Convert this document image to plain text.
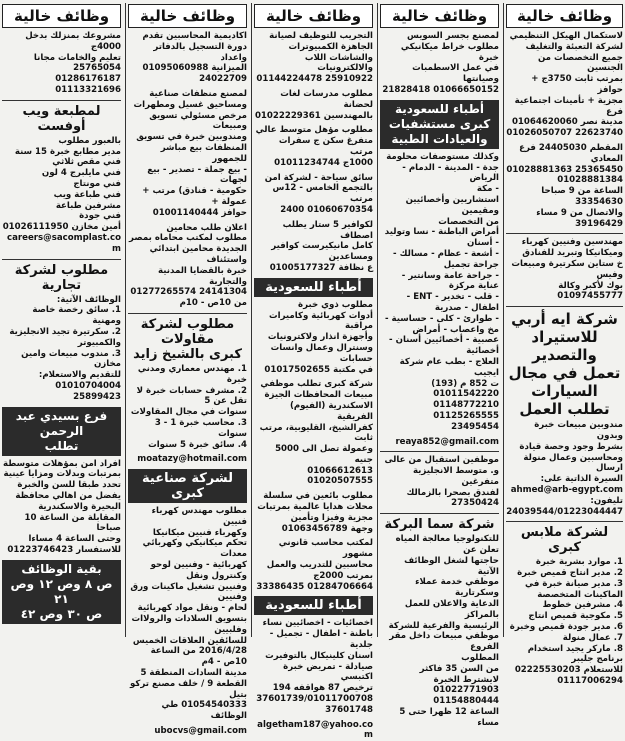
وظائف خالية
لاستكمال الهيكل التنظيمي
لشركة التعبئة والتغليف
جميع التخصصات من الجنسين
بمرتب ثابت 3750ج + حوافز
مجزية + تأمينات اجتماعية فرع
مدينة نصر 01064620060
22623740 01026050707
المقطم 24405030 فرع المعادي
25365450 01028881363 01028881384
الساعة من 9 صباحا 33354630
والاتصال من 9 مساء 39196429
مهندسين وفنيين كهرباء
وميكانيكا وتبريد للفنادق
خ ستاين سكرتيرة ومبيعات وفيس
بوك لأكبر وكالة 01097455777
شركة ايه أربي
للاستيراد والتصدير
تعمل في مجال السيارات
تطلب العمل
مندوبين مبيعات خبرة وبدون
بشرط وجود وحصة قيادة
ومحاسبين وعمال منولة ارسال
السيرة الذاتية على:
ahmed@arb-egypt.com
تليفون: 24039544/01223044447
لشركة ملابس كبرى
1. موارد بشرية خبرة
2. مدير انتاج قميص خبرة
3. مدير صيانة خبرة في
الماكينات المتخصصة
4. مشرفين خطوط
5. مكوجية قميص انتاج
6. مدير جودة قميص وخبرة
7. عمال منولة
8. ماركر يجيد استخدام
برنامج جليبر
للاستعلام 02225530203
01117006294
وظائف خالية
لمصنع بجسر السويس
مطلوب خراط ميكانيكي خبرة
في عمل الاسطمبات وصيانتها
01066650152 21828418
أطباء للسعودية
كبرى مستشفيات والعيادات الطبية
وكذلك مستوصفات محلومة
جدة - المدينة - الدمام - الرياض
- مكة
استشاريين وأخصائيين ومقيمين
من التخصصات
أمراض الباطنة - نسا وتوليد - أسنان
- أشعة - عظام - مسالك - جراحة تجميل
- جراحة عامة وسانتير - عناية مركزة
- قلب - تخدير - ENT - اطفال - صدرية
- طوارئ - كلى - حساسية - مخ واعصاب - أمراض
عصبية - أخصائيين أسنان - أخصائية
العلاج - بطب عام شركة ايجيب
ت 852 م (193) 01011542220
01148772210 01125265555
23495454
reaya852@gmail.com
موظفين استقبال من عالى
و. متوسط الانجليزية متفرغين
لفندق بصحرا بالزمالك 27350424
شركة سما البركة
للتكنولوجيا معالجة المياه تعلن عن
حاجتها لشغل الوظائف الآتية
موظفي خدمة عملاء وسكرتارية
الدعاية والاعلان للعمل بالمراكز
الرئيسية والفرعية للشركة
موظفي مبيعات داخل مقر الفروع
المطلوب
من السن 35 فاكثر
لايشترط الخبرة 01022771903
01154880444
الساعة 12 ظهرا حتى 5 مساء
وظائف خالية
التجريب للتوظيف لصيانة
الجاهزة الكمبيوترات
والشاشات اللاب والالكترونيات
25910922 01144224478
مطلوب مدرسات لغات لحضانة
بالمهندسين 01022229361
مطلوب مؤهل متوسط عالي
متفرغ سكن ج سفرات مرتب
1000ج 01011234744
سائق سياحة - لشركة امن
بالتجمع الخامس - 12س مرتب
01060670354 2400
لكوافير 5 ستار يطلب اصطاف
كامل مانيكيرست كوافير ومساعدين
ع نظافة 01005177327
أطباء للسعودية
مطلوب ذوي خبرة
أدوات كهربائية وكاميرات مراقبة
وأجهزة انذار ولاكترونيات
وسنترال وعمال وانسات حسابات
في مكتبة 01017502655
شركة كبرى تطلب موظفي
مبيعات المحافظات الجيزة
الاسكندرية (الفيوم) الفريقية
كفرالشيخ، القليوبية، مرتب ثابت
وعمولة تصل الى 5000 جنيه
01066612613 01020507555
مطلوب بائعين في سلسلة
محلات هدايا عالمية بمرتبات
مجزية وفيزا وتأمين
وجهة 01063456789
لمكتب محاسب قانوني مشهور
محاسبين للتدريب والعمل
بمرتب 2000ج
01284706664 33386435
أطباء للسعودية
اخصائيات - اخصائيين نساء
باطنة - اطفال - تجميل - جلدية
اسنان كلينيكال بالتوفيرت
صيادلة - تمريض خبرة اكتبسي
ترخيص 87 هواقفه 194
37601739/01011700708
37601748
algetham187@yahoo.com
وظائف خالية
اكاديمية المحاسبين تقدم
دورة التسجيل بالدفاتر واعداد
الميزانية 01095060988
24022709
لمصنع منظفات صناعية
ومساحيق غسيل ومطهرات
مرخص مسئولي تسويق ومبيعات
ومندوبين خبرة في تسويق
المنظفات بيع مباشر للجمهور
- بيع جملة - تصدير - بيع لجهات
حكومية - فنادق) مرتب + عمولة +
حوافز 01001140444
اعلان طلب محامين
مطلوب لمكتب محاماه بمصر
الجديدة محامين ابتدائي واستئناف
خبرة بالقضايا المدنية والتجارية
24141304 01277265574
من 10ص - 10م
مطلوب لشركة مقاولات
كبرى بالشيخ زايد
1. مهندس معماري ومدني خبرة
2. مشرف حسابات خبرة لا تقل عن 5
سنوات في مجال المقاولات
3. محاسب خبرة 1 - 3 سنوات
4. سائق خبرة 5 سنوات
moatazy@hotmail.com
لشركة صناعية كبرى
مطلوب مهندس كهرباء فنيين
وكهرباء فنيين ميكانيكا
تحكم ميكانيكي وكهربائي معدات
كهربائية - وفنيين لوحو وكنترول ونقل
وفنيين تشغيل ماكينات ورق وفنيين
لحام - ونقل مواد كهربائية
بتسويق السلادات والرولاات وفلبيين
للسائقين العلاقات الخميس
2016/4/28 من الساعة 10ص - 4م
مدينة السادات المنطقة 5
القطعة 9 / خلف مصنع تركو بتيل
01054540333 طي الوظائف
ubocvs@gmail.com
وظائف خالية
مشروعك بمنزلك بدخل 4000ج
تعليم والخامات مجانا 25765054
01286176187 01113321696
لمطبعة ويب أوفست
بالعبور مطلوب
مدير مطابع خبرة 15 سنة
فني مقص ثلاثي
فني مايلبرج 4 لون
فني مونتاج
فني طباعة ويب
مشرفين طباعة
فني جودة
أمين مخازن 01026111950
careers@sacomplast.com
مطلوب لشركة تجارية
الوظائف الآتية:
1. سائق رخصة خاصة ومهنية
2. سكرتيرة تجيد الانجليزية
والكمبيوتر
3. مندوب مبيعات وامين مخازن
للتقديم والاستعلام:
01010704004
25899423
فرع بسيدي عبد الرحمن
تطلب
افراد امن بمؤهلات متوسطة
بمرتبات وبدلات ومزايا عينية
تحدد طبقا للسن والخبرة
يفضل من اهالي محافظة
البحيرة والاسكندرية
المقابلة من الساعة 10 صباحا
وحتى الساعة 4 مساءا
للاستفسار 01223746423
بقية الوظائف
ص ٨ وص ١٢ وص ٢١
ص ٣٠ وص ٤٢
